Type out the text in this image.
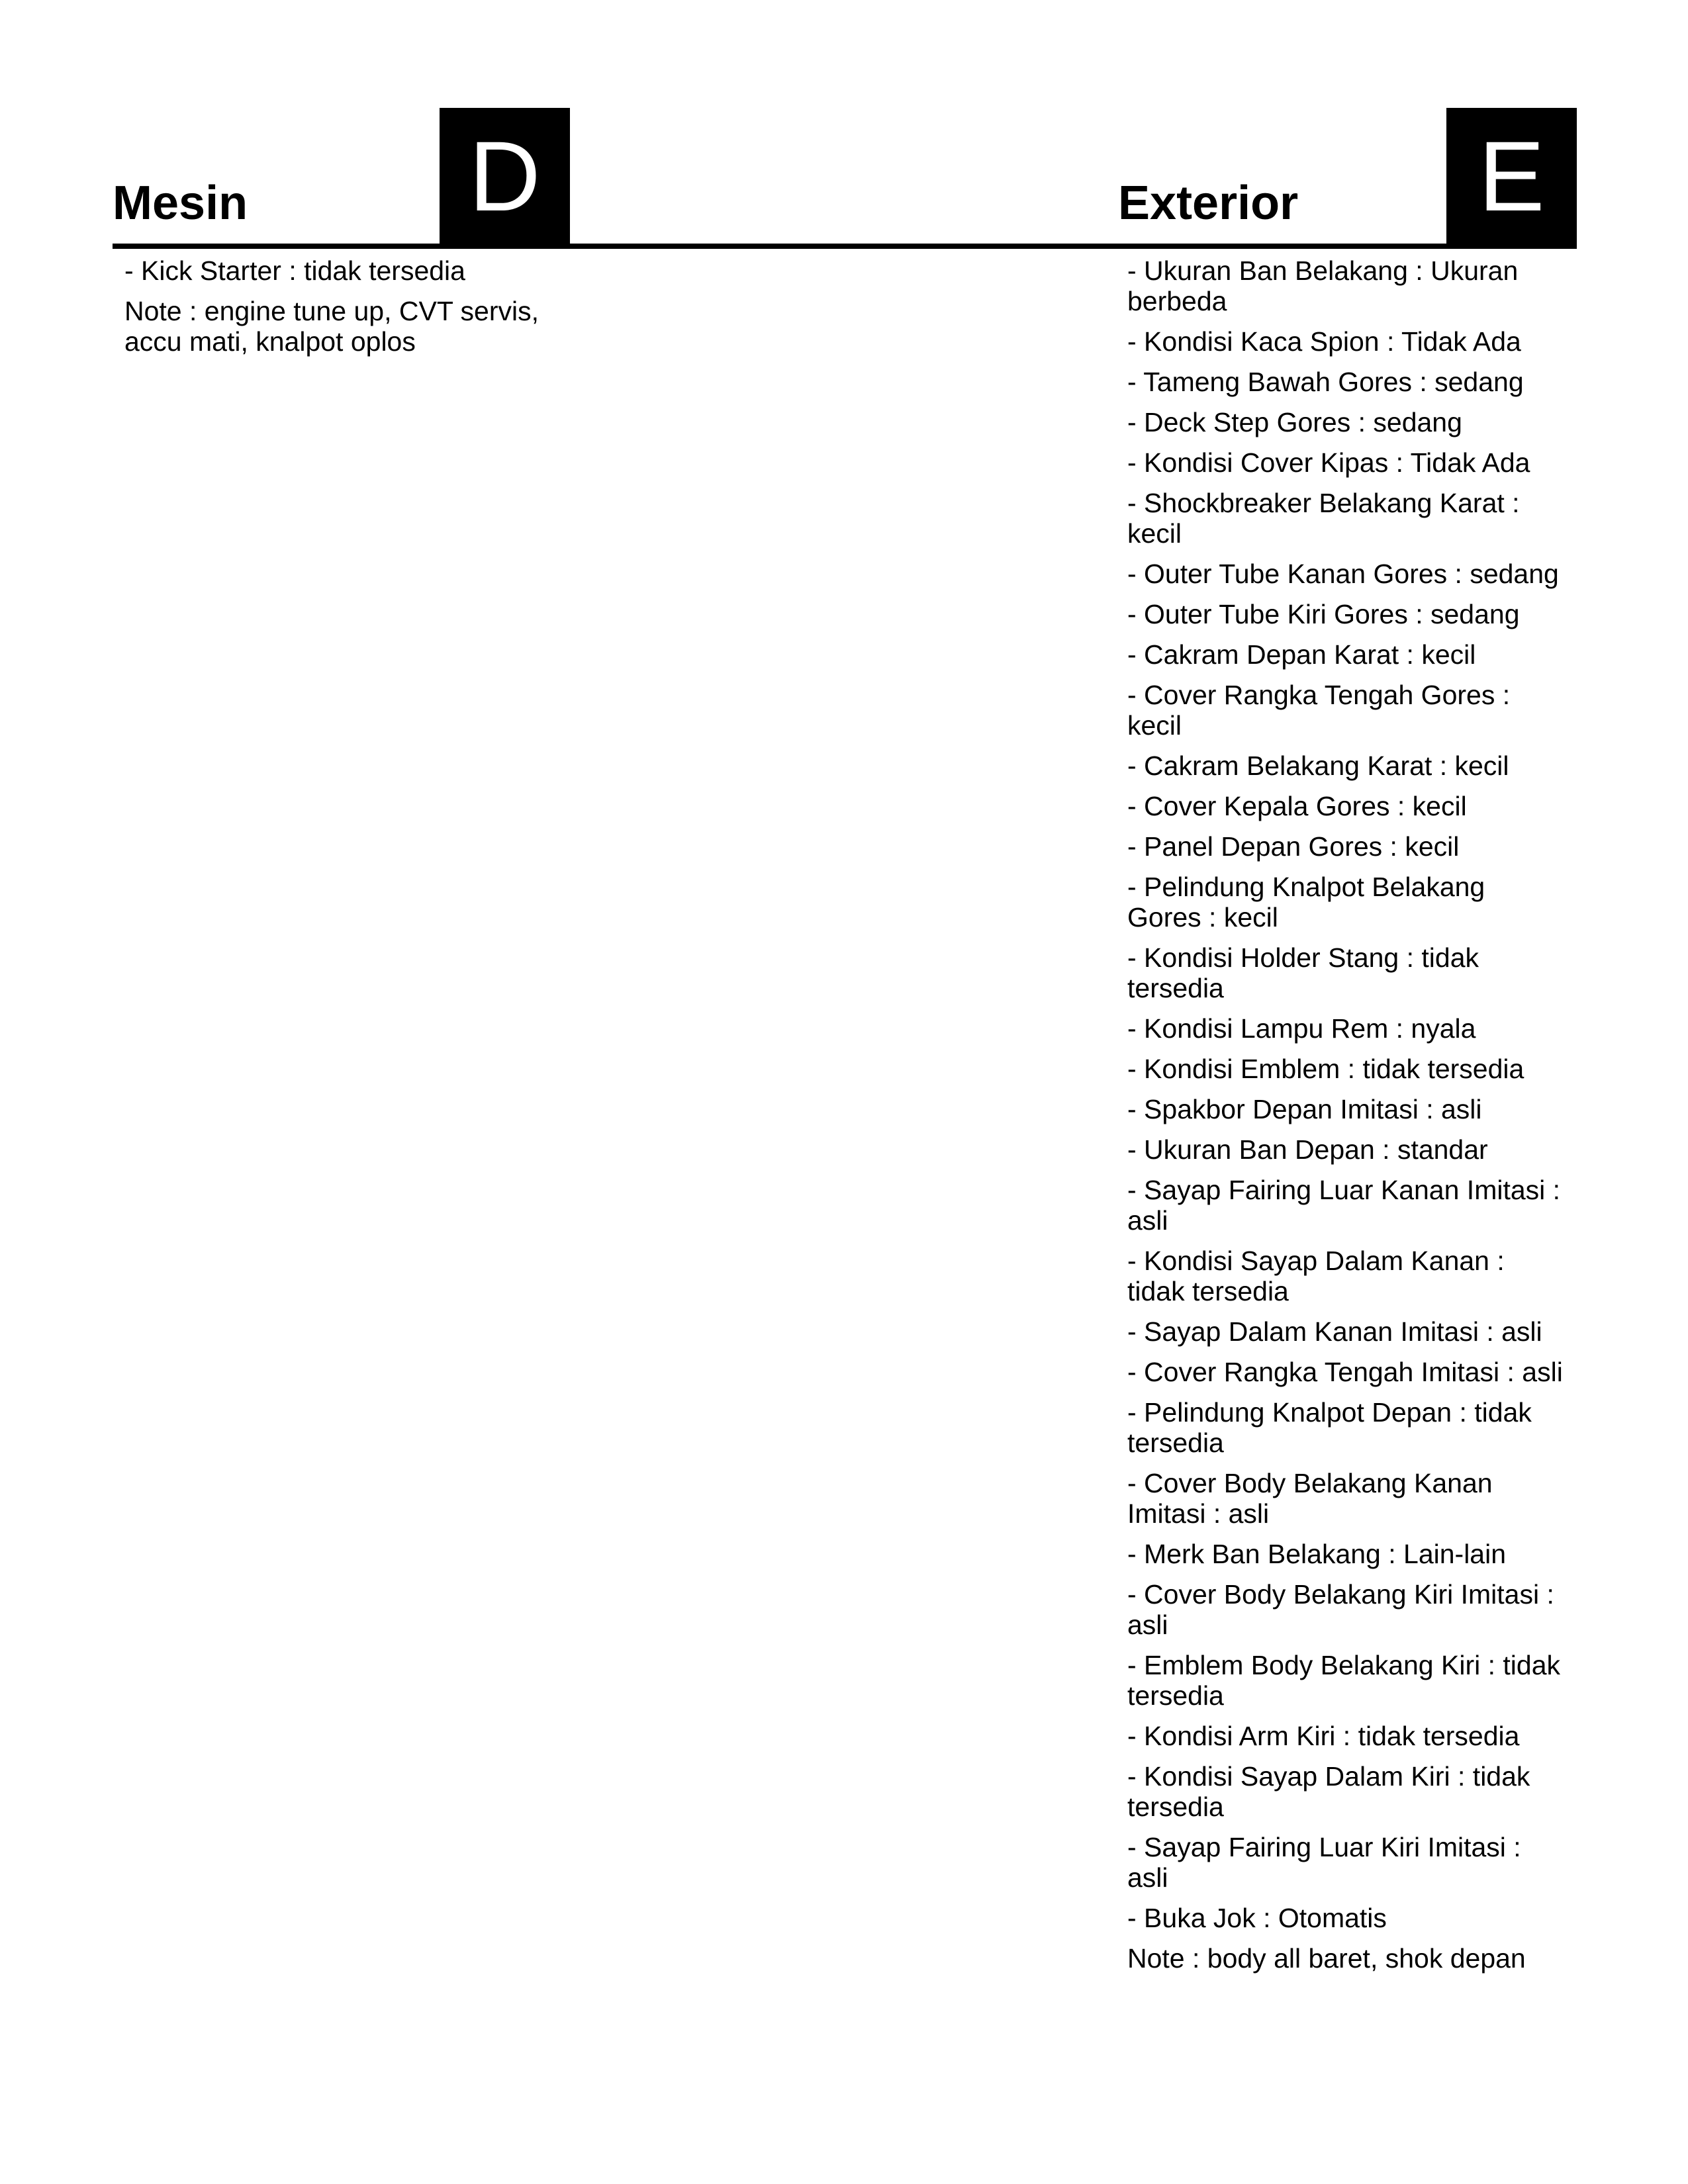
Mesin D	Exterior	E

- Kick Starter : tidak tersedia

Note : engine tune up, CVT servis, accu mati, knalpot oplos

- Ukuran Ban Belakang : Ukuran berbeda

- Kondisi Kaca Spion : Tidak Ada

- Tameng Bawah Gores : sedang

- Deck Step Gores : sedang

- Kondisi Cover Kipas : Tidak Ada

- Shockbreaker Belakang Karat : kecil

- Outer Tube Kanan Gores : sedang

- Outer Tube Kiri Gores : sedang

- Cakram Depan Karat : kecil

- Cover Rangka Tengah Gores : kecil

- Cakram Belakang Karat : kecil

- Cover Kepala Gores : kecil

- Panel Depan Gores : kecil

- Pelindung Knalpot Belakang Gores : kecil

- Kondisi Holder Stang : tidak tersedia

- Kondisi Lampu Rem : nyala

- Kondisi Emblem : tidak tersedia

- Spakbor Depan Imitasi : asli

- Ukuran Ban Depan : standar

- Sayap Fairing Luar Kanan Imitasi : asli

- Kondisi Sayap Dalam Kanan : tidak tersedia

- Sayap Dalam Kanan Imitasi : asli

- Cover Rangka Tengah Imitasi : asli

- Pelindung Knalpot Depan : tidak tersedia

- Cover Body Belakang Kanan Imitasi : asli

- Merk Ban Belakang : Lain-lain

- Cover Body Belakang Kiri Imitasi : asli

- Emblem Body Belakang Kiri : tidak tersedia

- Kondisi Arm Kiri : tidak tersedia

- Kondisi Sayap Dalam Kiri : tidak tersedia

- Sayap Fairing Luar Kiri Imitasi : asli

- Buka Jok : Otomatis

Note : body all baret, shok depan
